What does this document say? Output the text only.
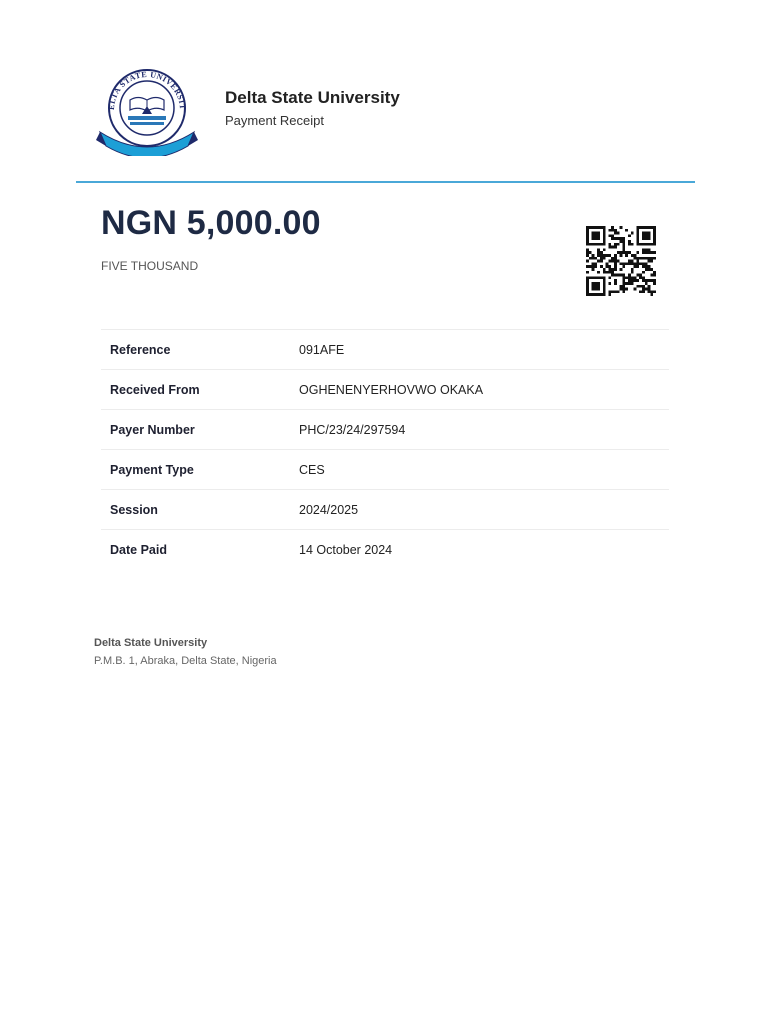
ELTA STATE UNIVERSIT Delta State University
Payment Receipt
NGN 5,000.00
FIVE THOUSAND
Reference	091AFE
Received From	OGHENENYERHOVWO OKAKA
Payer Number	PHC/23/24/297594
Payment Type	CES
Session	2024/2025
Date Paid	14 October 2024
Delta State University
P.M.B. 1, Abraka, Delta State, Nigeria
